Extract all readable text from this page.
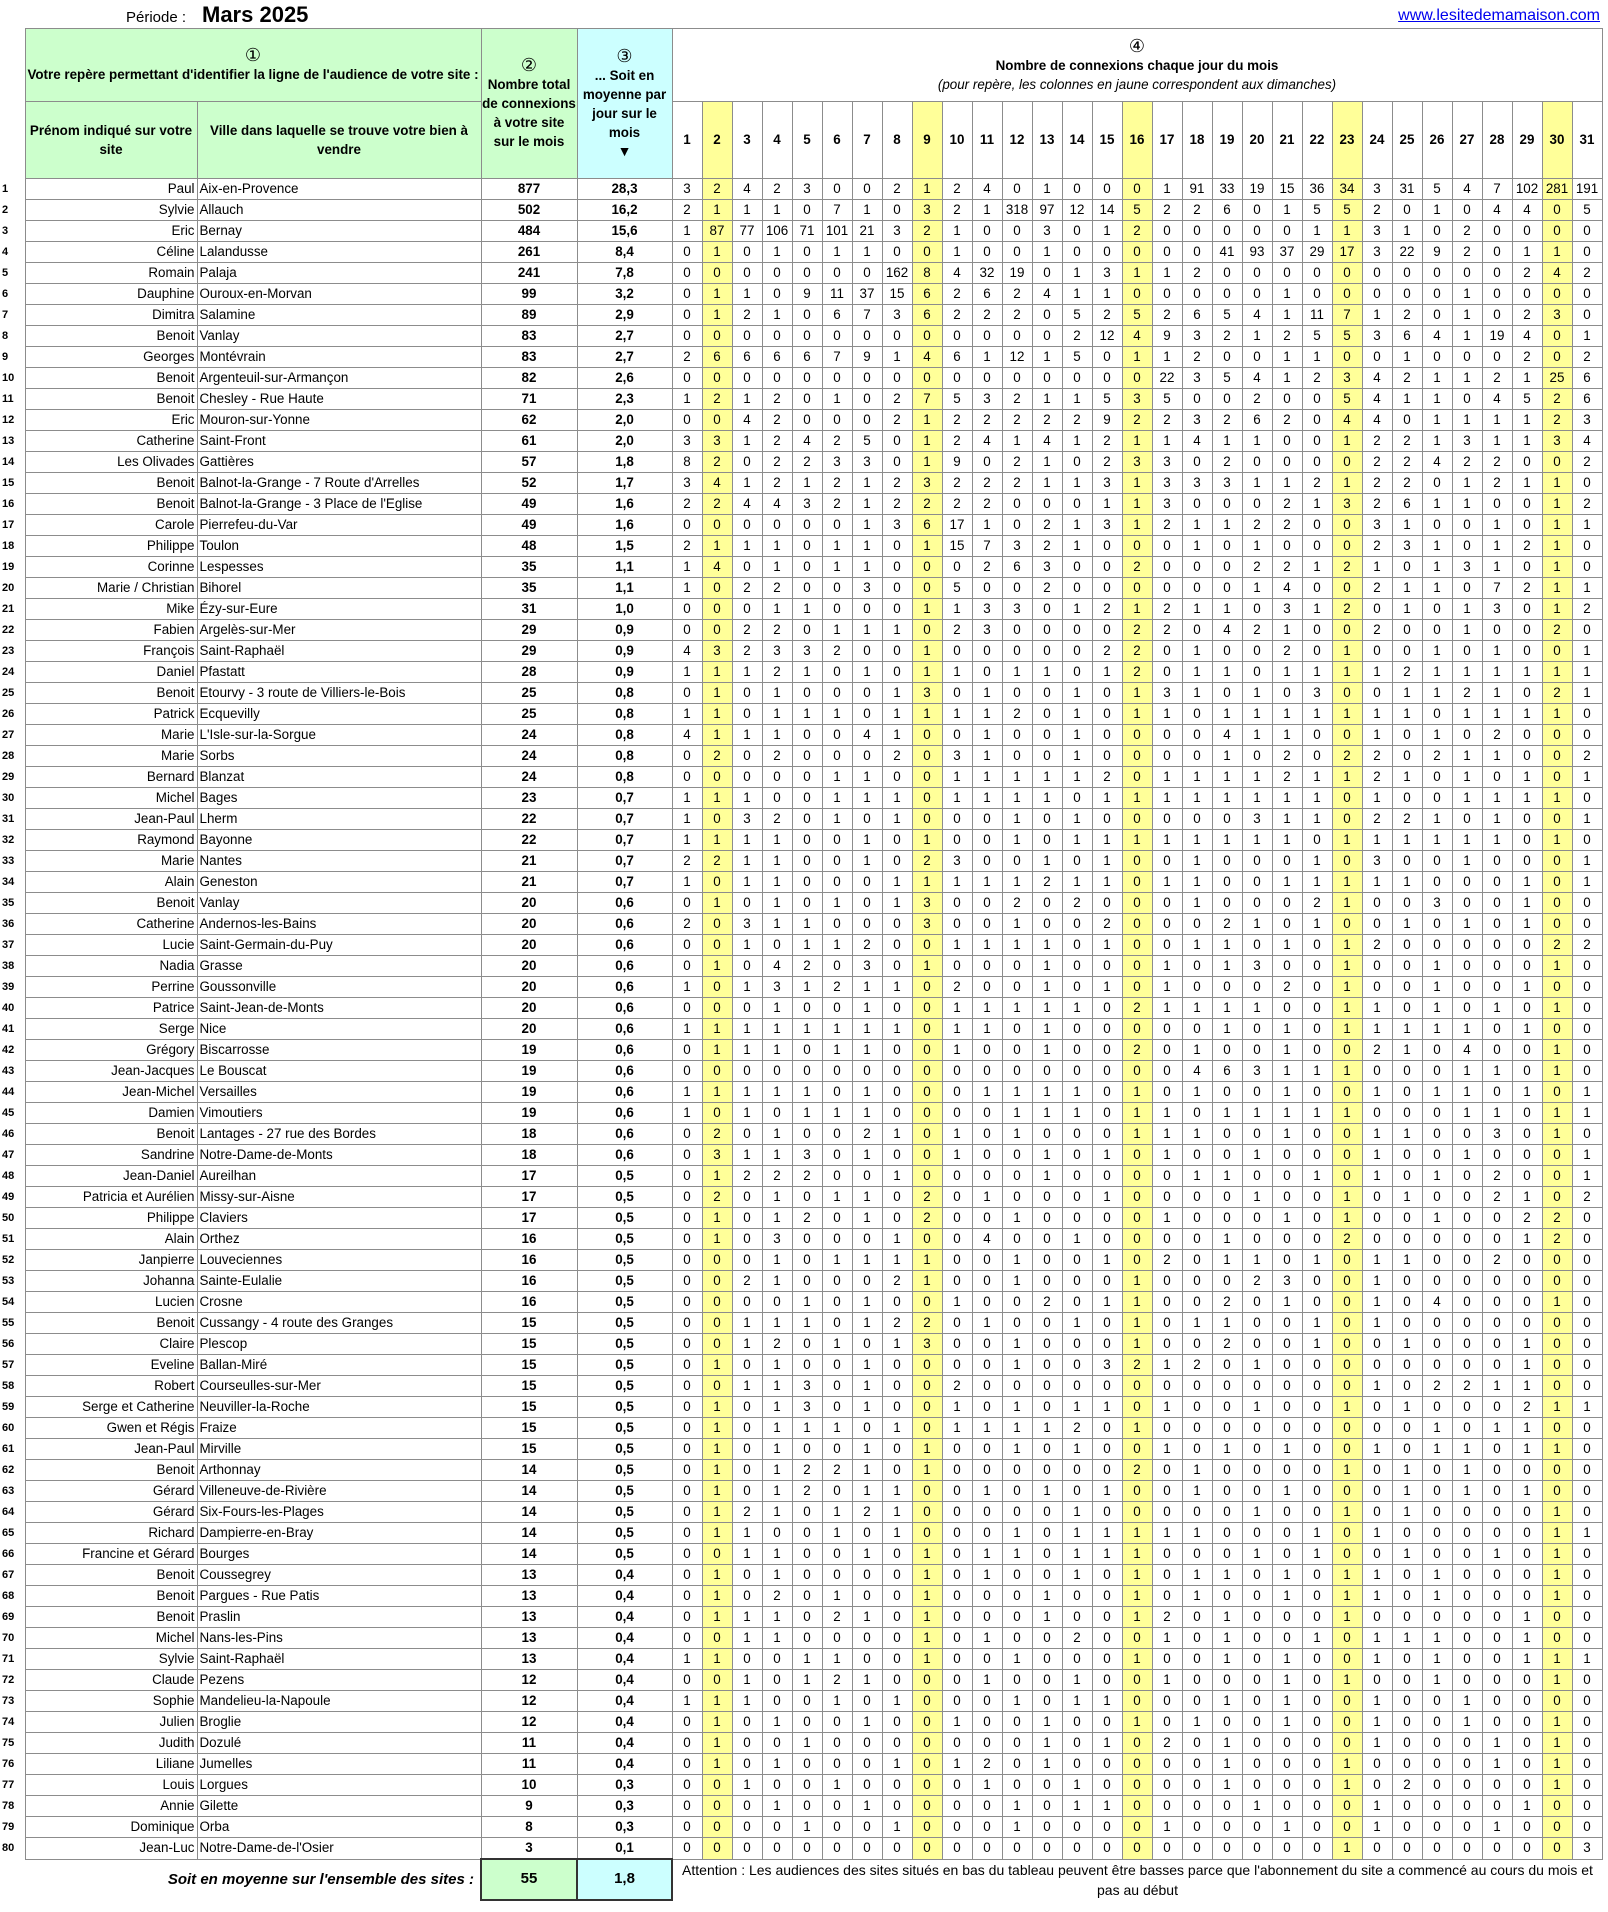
Période : Mars 2025	www.lesitedemamaison.com

	①
Votre repère permettant d'identifier la ligne de l'audience de votre site :		②
Nombre total de connexions à votre site sur le mois	③
... Soit en moyenne par jour sur le mois
▼	④
Nombre de connexions chaque jour du mois
(pour repère, les colonnes en jaune correspondent aux dimanches)																														
	Prénom indiqué sur votre site	Ville dans laquelle se trouve votre bien à vendre			1	2	3	4	5	6	7	8	9	10	11	12	13	14	15	16	17	18	19	20	21	22	23	24	25	26	27	28	29	30	31
1	Paul	Aix-en-Provence	877	28,3	3	2	4	2	3	0	0	2	1	2	4	0	1	0	0	0	1	91	33	19	15	36	34	3	31	5	4	7	102	281	191
2	Sylvie	Allauch	502	16,2	2	1	1	1	0	7	1	0	3	2	1	318	97	12	14	5	2	2	6	0	1	5	5	2	0	1	0	4	4	0	5
3	Eric	Bernay	484	15,6	1	87	77	106	71	101	21	3	2	1	0	0	3	0	1	2	0	0	0	0	0	1	1	3	1	0	2	0	0	0	0
4	Céline	Lalandusse	261	8,4	0	1	0	1	0	1	1	0	0	1	0	0	1	0	0	0	0	0	41	93	37	29	17	3	22	9	2	0	1	1	0
5	Romain	Palaja	241	7,8	0	0	0	0	0	0	0	162	8	4	32	19	0	1	3	1	1	2	0	0	0	0	0	0	0	0	0	0	2	4	2
6	Dauphine	Ouroux-en-Morvan	99	3,2	0	1	1	0	9	11	37	15	6	2	6	2	4	1	1	0	0	0	0	0	1	0	0	0	0	0	1	0	0	0	0
7	Dimitra	Salamine	89	2,9	0	1	2	1	0	6	7	3	6	2	2	2	0	5	2	5	2	6	5	4	1	11	7	1	2	0	1	0	2	3	0
8	Benoit	Vanlay	83	2,7	0	0	0	0	0	0	0	0	0	0	0	0	0	2	12	4	9	3	2	1	2	5	5	3	6	4	1	19	4	0	1
9	Georges	Montévrain	83	2,7	2	6	6	6	6	7	9	1	4	6	1	12	1	5	0	1	1	2	0	0	1	1	0	0	1	0	0	0	2	0	2
10	Benoit	Argenteuil-sur-Armançon	82	2,6	0	0	0	0	0	0	0	0	0	0	0	0	0	0	0	0	22	3	5	4	1	2	3	4	2	1	1	2	1	25	6
11	Benoit	Chesley - Rue Haute	71	2,3	1	2	1	2	0	1	0	2	7	5	3	2	1	1	5	3	5	0	0	2	0	0	5	4	1	1	0	4	5	2	6
12	Eric	Mouron-sur-Yonne	62	2,0	0	0	4	2	0	0	0	2	1	2	2	2	2	2	9	2	2	3	2	6	2	0	4	4	0	1	1	1	1	2	3
13	Catherine	Saint-Front	61	2,0	3	3	1	2	4	2	5	0	1	2	4	1	4	1	2	1	1	4	1	1	0	0	1	2	2	1	3	1	1	3	4
14	Les Olivades	Gattières	57	1,8	8	2	0	2	2	3	3	0	1	9	0	2	1	0	2	3	3	0	2	0	0	0	0	2	2	4	2	2	0	0	2
15	Benoit	Balnot-la-Grange - 7 Route d'Arrelles	52	1,7	3	4	1	2	1	2	1	2	3	2	2	2	1	1	3	1	3	3	3	1	1	2	1	2	2	0	1	2	1	1	0
16	Benoit	Balnot-la-Grange - 3 Place de l'Eglise	49	1,6	2	2	4	4	3	2	1	2	2	2	2	0	0	0	1	1	3	0	0	0	2	1	3	2	6	1	1	0	0	1	2
17	Carole	Pierrefeu-du-Var	49	1,6	0	0	0	0	0	0	1	3	6	17	1	0	2	1	3	1	2	1	1	2	2	0	0	3	1	0	0	1	0	1	1
18	Philippe	Toulon	48	1,5	2	1	1	1	0	1	1	0	1	15	7	3	2	1	0	0	0	1	0	1	0	0	0	2	3	1	0	1	2	1	0
19	Corinne	Lespesses	35	1,1	1	4	0	1	0	1	1	0	0	0	2	6	3	0	0	2	0	0	0	2	2	1	2	1	0	1	3	1	0	1	0
20	Marie / Christian	Bihorel	35	1,1	1	0	2	2	0	0	3	0	0	5	0	0	2	0	0	0	0	0	0	1	4	0	0	2	1	1	0	7	2	1	1
21	Mike	Ézy-sur-Eure	31	1,0	0	0	0	1	1	0	0	0	1	1	3	3	0	1	2	1	2	1	1	0	3	1	2	0	1	0	1	3	0	1	2
22	Fabien	Argelès-sur-Mer	29	0,9	0	0	2	2	0	1	1	1	0	2	3	0	0	0	0	2	2	0	4	2	1	0	0	2	0	0	1	0	0	2	0
23	François	Saint-Raphaël	29	0,9	4	3	2	3	3	2	0	0	1	0	0	0	0	0	2	2	0	1	0	0	2	0	1	0	0	1	0	1	0	0	1
24	Daniel	Pfastatt	28	0,9	1	1	1	2	1	0	1	0	1	1	0	1	1	0	1	2	0	1	1	0	1	1	1	1	2	1	1	1	1	1	1
25	Benoit	Etourvy - 3 route de Villiers-le-Bois	25	0,8	0	1	0	1	0	0	0	1	3	0	1	0	0	1	0	1	3	1	0	1	0	3	0	0	1	1	2	1	0	2	1
26	Patrick	Ecquevilly	25	0,8	1	1	0	1	1	1	0	1	1	1	1	2	0	1	0	1	1	0	1	1	1	1	1	1	1	0	1	1	1	1	0
27	Marie	L'Isle-sur-la-Sorgue	24	0,8	4	1	1	1	0	0	4	1	0	0	1	0	0	1	0	0	0	0	4	1	1	0	0	1	0	1	0	2	0	0	0
28	Marie	Sorbs	24	0,8	0	2	0	2	0	0	0	2	0	3	1	0	0	1	0	0	0	0	1	0	2	0	2	2	0	2	1	1	0	0	2
29	Bernard	Blanzat	24	0,8	0	0	0	0	0	1	1	0	0	1	1	1	1	1	2	0	1	1	1	1	2	1	1	2	1	0	1	0	1	0	1
30	Michel	Bages	23	0,7	1	1	1	0	0	1	1	1	0	1	1	1	1	0	1	1	1	1	1	1	1	1	0	1	0	0	1	1	1	1	0
31	Jean-Paul	Lherm	22	0,7	1	0	3	2	0	1	0	1	0	0	0	1	0	1	0	0	0	0	0	3	1	1	0	2	2	1	0	1	0	0	1
32	Raymond	Bayonne	22	0,7	1	1	1	1	0	0	1	0	1	0	0	1	0	1	1	1	1	1	1	1	1	0	1	1	1	1	1	1	0	1	0
33	Marie	Nantes	21	0,7	2	2	1	1	0	0	1	0	2	3	0	0	1	0	1	0	0	1	0	0	0	1	0	3	0	0	1	0	0	0	1
34	Alain	Geneston	21	0,7	1	0	1	1	0	0	0	1	1	1	1	1	2	1	1	0	1	1	0	0	1	1	1	1	1	0	0	0	1	0	1
35	Benoit	Vanlay	20	0,6	0	1	0	1	0	1	0	1	3	0	0	2	0	2	0	0	0	1	0	0	0	2	1	0	0	3	0	0	1	0	0
36	Catherine	Andernos-les-Bains	20	0,6	2	0	3	1	1	0	0	0	3	0	0	1	0	0	2	0	0	0	2	1	0	1	0	0	1	0	1	0	1	0	0
37	Lucie	Saint-Germain-du-Puy	20	0,6	0	0	1	0	1	1	2	0	0	1	1	1	1	0	1	0	0	1	1	0	1	0	1	2	0	0	0	0	0	2	2
38	Nadia	Grasse	20	0,6	0	1	0	4	2	0	3	0	1	0	0	0	1	0	0	0	1	0	1	3	0	0	1	0	0	1	0	0	0	1	0
39	Perrine	Goussonville	20	0,6	1	0	1	3	1	2	1	1	0	2	0	0	1	0	1	0	1	0	0	0	2	0	1	0	0	1	0	0	1	0	0
40	Patrice	Saint-Jean-de-Monts	20	0,6	0	0	0	1	0	0	1	0	0	1	1	1	1	1	0	2	1	1	1	1	0	0	1	1	0	1	0	1	0	1	0
41	Serge	Nice	20	0,6	1	1	1	1	1	1	1	1	0	1	1	0	1	0	0	0	0	0	1	0	1	0	1	1	1	1	1	0	1	0	0
42	Grégory	Biscarrosse	19	0,6	0	1	1	1	0	1	1	0	0	1	0	0	1	0	0	2	0	1	0	0	1	0	0	2	1	0	4	0	0	1	0
43	Jean-Jacques	Le Bouscat	19	0,6	0	0	0	0	0	0	0	0	0	0	0	0	0	0	0	0	0	4	6	3	1	1	1	0	0	0	1	1	0	1	0
44	Jean-Michel	Versailles	19	0,6	1	1	1	1	1	0	1	0	0	0	1	1	1	1	0	1	0	1	0	0	1	0	0	1	0	1	1	0	1	0	1
45	Damien	Vimoutiers	19	0,6	1	0	1	0	1	1	1	0	0	0	0	1	1	1	0	1	1	0	1	1	1	1	1	0	0	0	1	1	0	1	1
46	Benoit	Lantages - 27 rue des Bordes	18	0,6	0	2	0	1	0	0	2	1	0	1	0	1	0	0	0	1	1	1	0	0	1	0	0	1	1	0	0	3	0	1	0
47	Sandrine	Notre-Dame-de-Monts	18	0,6	0	3	1	1	3	0	1	0	0	1	0	0	1	0	1	0	1	0	0	1	0	0	0	1	0	0	1	0	0	0	1
48	Jean-Daniel	Aureilhan	17	0,5	0	1	2	2	2	0	0	1	0	0	0	0	1	0	0	0	0	1	1	0	0	1	0	1	0	1	0	2	0	0	1
49	Patricia et Aurélien	Missy-sur-Aisne	17	0,5	0	2	0	1	0	1	1	0	2	0	1	0	0	0	1	0	0	0	0	1	0	0	1	0	1	0	0	2	1	0	2
50	Philippe	Claviers	17	0,5	0	1	0	1	2	0	1	0	2	0	0	1	0	0	0	0	1	0	0	0	1	0	1	0	0	1	0	0	2	2	0
51	Alain	Orthez	16	0,5	0	1	0	3	0	0	0	1	0	0	4	0	0	1	0	0	0	0	1	0	0	0	2	0	0	0	0	0	1	2	0
52	Janpierre	Louveciennes	16	0,5	0	0	0	1	0	1	1	1	1	0	0	1	0	0	1	0	2	0	1	1	0	1	0	1	1	0	0	2	0	0	0
53	Johanna	Sainte-Eulalie	16	0,5	0	0	2	1	0	0	0	2	1	0	0	1	0	0	0	1	0	0	0	2	3	0	0	1	0	0	0	0	0	0	0
54	Lucien	Crosne	16	0,5	0	0	0	0	1	0	1	0	0	1	0	0	2	0	1	1	0	0	2	0	1	0	0	1	0	4	0	0	0	1	0
55	Benoit	Cussangy - 4 route des Granges	15	0,5	0	0	1	1	1	0	1	2	2	0	1	0	0	1	0	1	0	1	1	0	0	1	0	1	0	0	0	0	0	0	0
56	Claire	Plescop	15	0,5	0	0	1	2	0	1	0	1	3	0	0	1	0	0	0	1	0	0	2	0	0	1	0	0	1	0	0	0	1	0	0
57	Eveline	Ballan-Miré	15	0,5	0	1	0	1	0	0	1	0	0	0	0	1	0	0	3	2	1	2	0	1	0	0	0	0	0	0	0	0	1	0	0
58	Robert	Courseulles-sur-Mer	15	0,5	0	0	1	1	3	0	1	0	0	2	0	0	0	0	0	0	0	0	0	0	0	0	0	1	0	2	2	1	1	0	0
59	Serge et Catherine	Neuviller-la-Roche	15	0,5	0	1	0	1	3	0	1	0	0	1	0	1	0	1	1	0	1	0	0	1	0	0	1	0	1	0	0	0	2	1	1
60	Gwen et Régis	Fraize	15	0,5	0	1	0	1	1	1	0	1	0	1	1	1	1	2	0	1	0	0	0	0	0	0	0	0	0	1	0	1	1	0	0
61	Jean-Paul	Mirville	15	0,5	0	1	0	1	0	0	1	0	1	0	0	1	0	1	0	0	1	0	1	0	1	0	0	1	0	1	1	0	1	1	0
62	Benoit	Arthonnay	14	0,5	0	1	0	1	2	2	1	0	1	0	0	0	0	0	0	2	0	1	0	0	0	0	1	0	1	0	1	0	0	0	0
63	Gérard	Villeneuve-de-Rivière	14	0,5	0	1	0	1	2	0	1	1	0	0	1	0	1	0	1	0	0	1	0	0	1	0	0	0	1	0	1	0	1	0	0
64	Gérard	Six-Fours-les-Plages	14	0,5	0	1	2	1	0	1	2	1	0	0	0	0	0	1	0	0	0	0	0	1	0	0	1	0	1	0	0	0	0	1	0
65	Richard	Dampierre-en-Bray	14	0,5	0	1	1	0	0	1	0	1	0	0	0	1	0	1	1	1	1	1	0	0	0	1	0	1	0	0	0	0	0	1	1
66	Francine et Gérard	Bourges	14	0,5	0	0	1	1	0	0	1	0	1	0	1	1	0	1	1	1	0	0	0	1	0	1	0	0	1	0	0	1	0	1	0
67	Benoit	Coussegrey	13	0,4	0	1	0	1	0	0	0	0	1	0	1	0	0	1	0	1	0	1	1	0	1	0	1	1	0	1	0	0	0	1	0
68	Benoit	Pargues - Rue Patis	13	0,4	0	1	0	2	0	1	0	0	1	0	0	0	1	0	0	1	0	1	0	0	1	0	1	1	0	1	0	0	0	1	0
69	Benoit	Praslin	13	0,4	0	1	1	1	0	2	1	0	1	0	0	0	1	0	0	1	2	0	1	0	0	0	1	0	0	0	0	0	1	0	0
70	Michel	Nans-les-Pins	13	0,4	0	0	1	1	0	0	0	0	1	0	1	0	0	2	0	0	1	0	1	0	0	1	0	1	1	1	0	0	1	0	0
71	Sylvie	Saint-Raphaël	13	0,4	1	1	0	0	1	1	0	0	1	0	0	1	0	0	0	1	0	0	1	0	1	0	0	1	0	1	0	0	1	1	1
72	Claude	Pezens	12	0,4	0	0	1	0	1	2	1	0	0	0	1	0	0	1	0	0	1	0	0	0	1	0	1	0	0	1	0	0	0	1	0
73	Sophie	Mandelieu-la-Napoule	12	0,4	1	1	1	0	0	1	0	1	0	0	0	1	0	1	1	0	0	0	1	0	1	0	0	1	0	0	1	0	0	0	0
74	Julien	Broglie	12	0,4	0	1	0	1	0	0	1	0	0	1	0	0	1	0	0	1	0	1	0	0	1	0	0	1	0	0	1	0	0	1	0
75	Judith	Dozulé	11	0,4	0	1	0	0	1	0	0	0	0	0	0	0	1	0	1	0	2	0	1	0	0	0	0	1	0	0	0	1	0	1	0
76	Liliane	Jumelles	11	0,4	0	1	0	1	0	0	0	1	0	1	2	0	1	0	0	0	0	0	1	0	0	0	1	0	0	0	0	1	0	1	0
77	Louis	Lorgues	10	0,3	0	0	1	0	0	1	0	0	0	0	1	0	0	1	0	0	0	0	1	0	0	0	1	0	2	0	0	0	0	1	0
78	Annie	Gilette	9	0,3	0	0	0	1	0	0	1	0	0	0	0	1	0	1	1	0	0	0	0	1	0	0	0	1	0	0	0	0	1	0	0
79	Dominique	Orba	8	0,3	0	0	0	0	1	0	0	1	0	0	0	1	0	0	0	0	1	0	0	0	1	0	0	1	0	0	0	1	0	0	0
80	Jean-Luc	Notre-Dame-de-l'Osier	3	0,1	0	0	0	0	0	0	0	0	0	0	0	0	0	0	0	0	0	0	0	0	0	0	1	0	0	0	0	0	0	0	3
	Soit en moyenne sur l'ensemble des sites :		55	1,8	Attention : Les audiences des sites situés en bas du tableau peuvent être basses parce que l'abonnement du site a commencé au cours du mois et pas au début																														
